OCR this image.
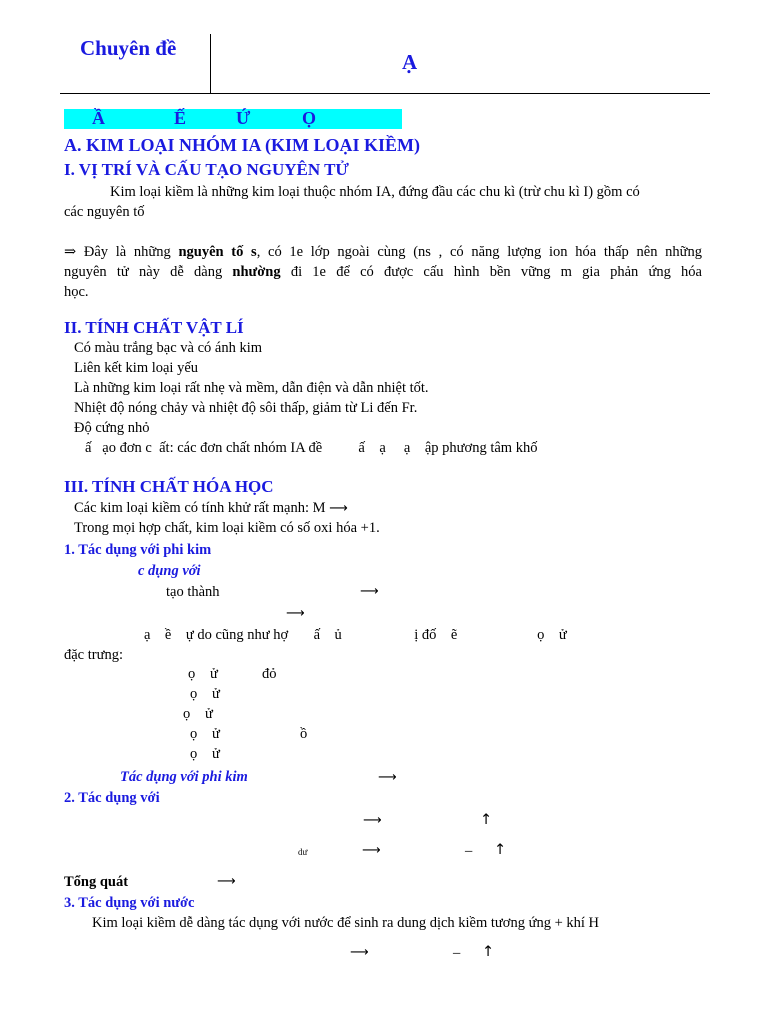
Chuyên đề
Ạ
Ầ	Ế	Ứ	Ọ
A. KIM LOẠI NHÓM IA (KIM LOẠI KIỀM)
I. VỊ TRÍ VÀ CẤU TẠO NGUYÊN TỬ
Kim loại kiềm là những kim loại thuộc nhóm IA, đứng đầu các chu kì (trừ chu kì I) gồm có
các nguyên tố
⇒ Đây là những nguyên tố s, có 1e lớp ngoài cùng (ns , có năng lượng ion hóa thấp nên những
nguyên tử này dễ dàng nhường đi 1e để có được cấu hình bền vững m gia phản ứng hóa
học.
II. TÍNH CHẤT VẬT LÍ
Có màu trắng bạc và có ánh kim
Liên kết kim loại yếu
Là những kim loại rất nhẹ và mềm, dẫn điện và dẫn nhiệt tốt.
Nhiệt độ nóng chảy và nhiệt độ sôi thấp, giảm từ Li đến Fr.
Độ cứng nhỏ
ấ   ạo đơn c  ất: các đơn chất nhóm IA đề          ấ    ạ     ạ    ập phương tâm khố
III. TÍNH CHẤT HÓA HỌC
Các kim loại kiềm có tính khử rất mạnh: M ⟶
Trong mọi hợp chất, kim loại kiềm có số oxi hóa +1.
1. Tác dụng với phi kim
c dụng với
tạo thành	⟶
⟶
ạ    ề    ự do cũng như hợ       ấ    ủ                    ị đố    ẽ                      ọ    ử
đặc trưng:
ọ ử	đỏ
ọ ử
ọ ử
ọ ử	ồ
ọ ử
Tác dụng với phi kim	⟶
2. Tác dụng với
⟶	↑
dư	⟶	– ↑
Tổng quát	⟶
3. Tác dụng với nước
Kim loại kiềm dễ dàng tác dụng với nước để sinh ra dung dịch kiềm tương ứng + khí H
⟶	– ↑
